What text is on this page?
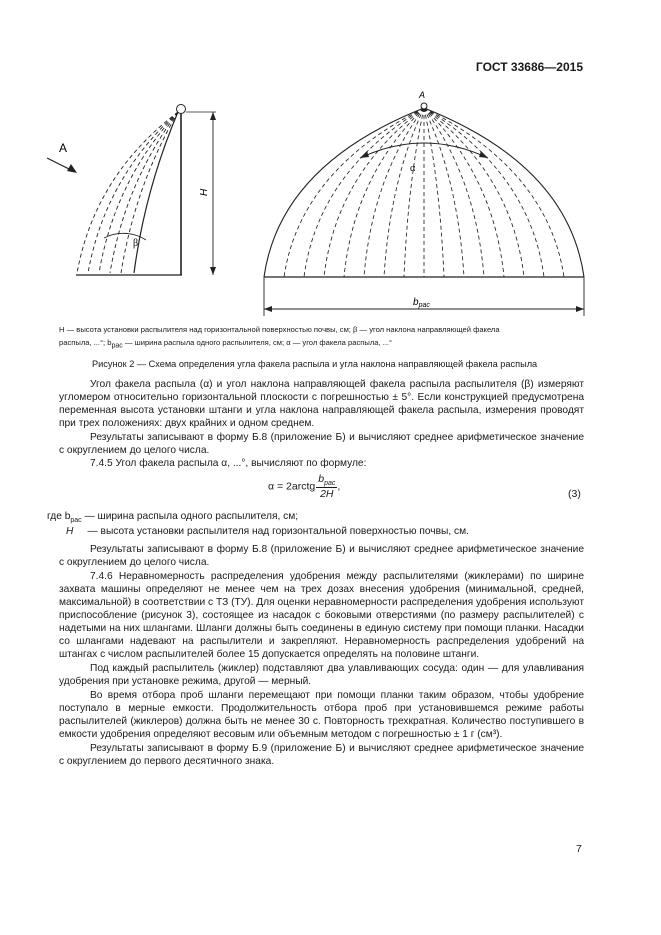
ГОСТ 33686—2015
A
H
β
A
α
$b_{рас}$
H — высота установки распылителя над горизонтальной поверхностью почвы, см; β — угол наклона направляющей факела
распыла, ...°; $b_{рас}$ — ширина распыла одного распылителя, см; α — угол факела распыла, ...°
Рисунок 2 — Схема определения угла факела распыла и угла наклона направляющей факела распыла
Угол факела распыла (α) и угол наклона направляющей факела распыла распылителя (β) измеряют угломером относительно горизонтальной плоскости с погрешностью ± 5°. Если конструкцией предусмотрена переменная высота установки штанги и угла наклона направляющей факела распыла, измерения проводят при трех положениях: двух крайних и одном среднем.
Результаты записывают в форму Б.8 (приложение Б) и вычисляют среднее арифметическое значение с округлением до целого числа.
7.4.5 Угол факела распыла α, ...°, вычисляют по формуле:
α = 2arctg $\frac{b_{рас}}{2H}$ ,
(3)
где $b_{рас}$ — ширина распыла одного распылителя, см;
H — высота установки распылителя над горизонтальной поверхностью почвы, см.
Результаты записывают в форму Б.8 (приложение Б) и вычисляют среднее арифметическое значение с округлением до целого числа.
7.4.6 Неравномерность распределения удобрения между распылителями (жиклерами) по ширине захвата машины определяют не менее чем на трех дозах внесения удобрения (минимальной, средней, максимальной) в соответствии с ТЗ (ТУ). Для оценки неравномерности распределения удобрения используют приспособление (рисунок 3), состоящее из насадок с боковыми отверстиями (по размеру распылителей) с надетыми на них шлангами. Шланги должны быть соединены в единую систему при помощи планки. Насадки со шлангами надевают на распылители и закрепляют. Неравномерность распределения удобрений на штангах с числом распылителей более 15 допускается определять на половине штанги.
Под каждый распылитель (жиклер) подставляют два улавливающих сосуда: один — для улавливания удобрения при установке режима, другой — мерный.
Во время отбора проб шланги перемещают при помощи планки таким образом, чтобы удобрение поступало в мерные емкости. Продолжительность отбора проб при установившемся режиме работы распылителей (жиклеров) должна быть не менее 30 с. Повторность трехкратная. Количество поступившего в емкости удобрения определяют весовым или объемным методом с погрешностью ± 1 г (см³).
Результаты записывают в форму Б.9 (приложение Б) и вычисляют среднее арифметическое значение с округлением до первого десятичного знака.
7
